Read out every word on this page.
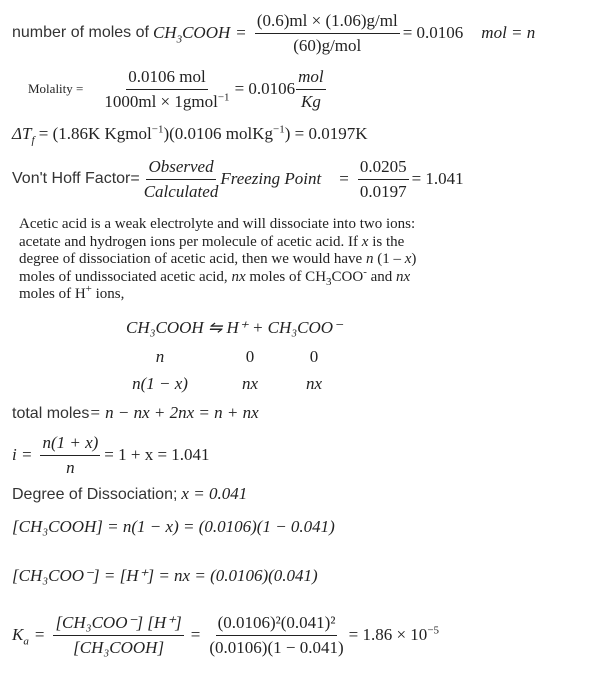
number of moles of $CH_3COOH = \frac{(0.6)ml \times (1.06)g/ml}{\text{(60)g/mol}} = 0.0106$ mol = n
Molality = $\frac{\text{0.0106 mol}}{1000ml \times 1gmol^{-1}} = 0.0106 \frac{\text{mol}}{Kg}$
$\Delta T_f = (1.86K$ Kgmol$^{-1}$)(0.0106 molKg$^{-1}$) = 0.0197K
Von't Hoff Factor= $\frac{\text{Observed}}{\text{Calculated}}$ Freezing Point = $\frac{0.0205}{0.0197} = 1.041$
Acetic acid is a weak electrolyte and will dissociate into two ions:
acetate and hydrogen ions per molecule of acetic acid. If x is the
degree of dissociation of acetic acid, then we would have n (1 – x)
moles of undissociated acetic acid, nx moles of $CH_3COO^-$ and nx
moles of H+ ions,
CH₃COOH ⇋ H⁺ + CH₃COO⁻
n	0	0
n(1 − x)	nx	nx
total moles= n − nx + 2nx = n + nx
$i = \frac{n(1 + x)}{n} = 1 + x = 1.041$
Degree of Dissociation; x = 0.041
[CH₃COOH] = n(1 − x) = (0.0106)(1 − 0.041)
[CH₃COO⁻] = [H⁺] = nx = (0.0106)(0.041)
$K_a = \frac{\text{[CH₃COO⁻] [H⁺]}}{\text{[CH₃COOH]}} = \frac{\text{(0.0106)²(0.041)²}}{(0.0106)(1 - 0.041)} = 1.86 \times 10^{-5}$
